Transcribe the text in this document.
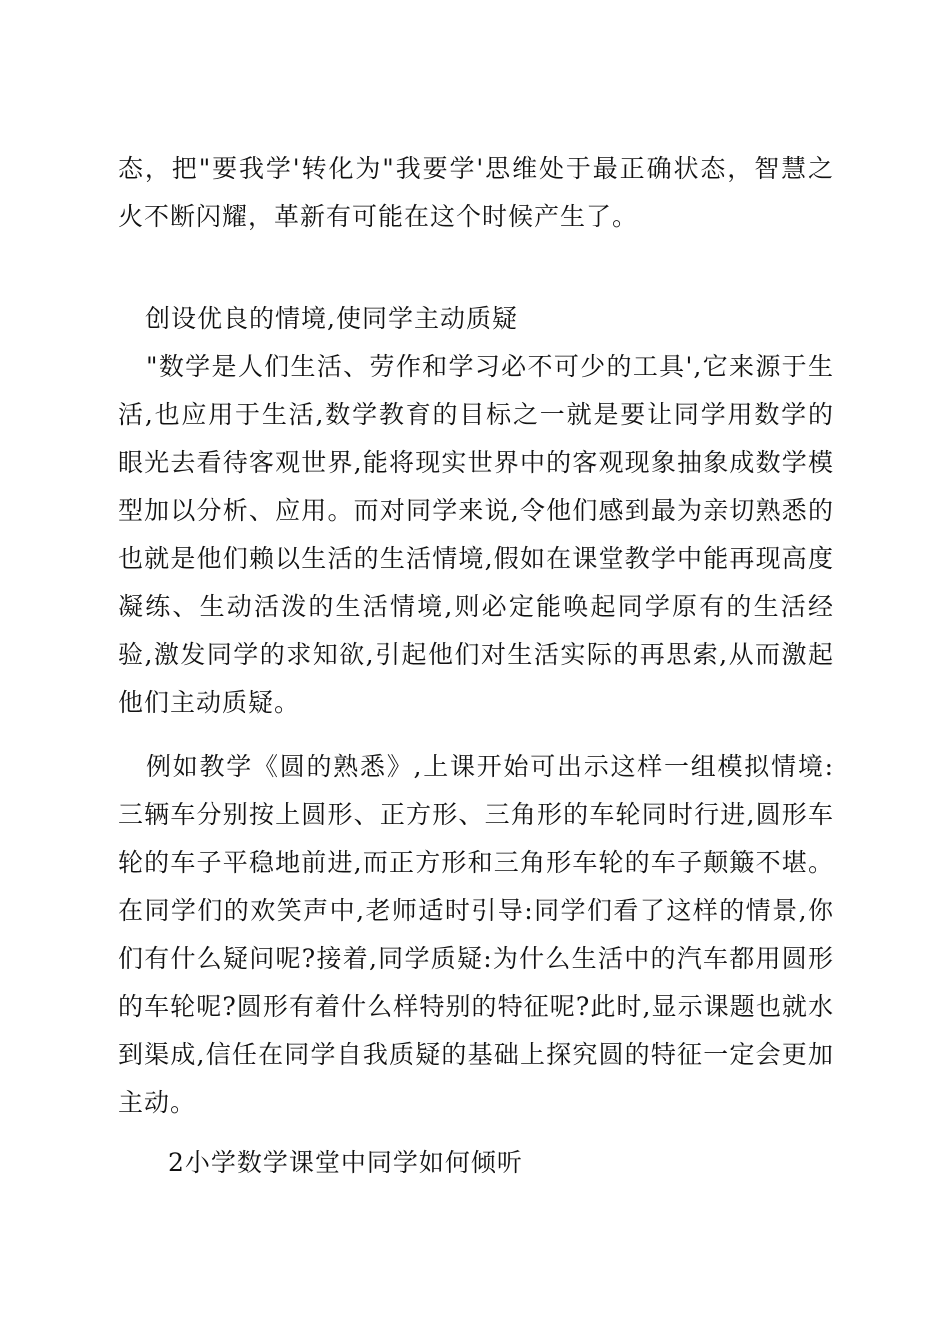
态，把"要我学'转化为"我要学'思维处于最正确状态，智慧之火不断闪耀，革新有可能在这个时候产生了。

创设优良的情境,使同学主动质疑

"数学是人们生活、劳作和学习必不可少的工具',它来源于生活,也应用于生活,数学教育的目标之一就是要让同学用数学的眼光去看待客观世界,能将现实世界中的客观现象抽象成数学模型加以分析、应用。而对同学来说,令他们感到最为亲切熟悉的也就是他们赖以生活的生活情境,假如在课堂教学中能再现高度凝练、生动活泼的生活情境,则必定能唤起同学原有的生活经验,激发同学的求知欲,引起他们对生活实际的再思索,从而激起他们主动质疑。

例如教学《圆的熟悉》,上课开始可出示这样一组模拟情境:三辆车分别按上圆形、正方形、三角形的车轮同时行进,圆形车轮的车子平稳地前进,而正方形和三角形车轮的车子颠簸不堪。在同学们的欢笑声中,老师适时引导:同学们看了这样的情景,你们有什么疑问呢?接着,同学质疑:为什么生活中的汽车都用圆形的车轮呢?圆形有着什么样特别的特征呢?此时,显示课题也就水到渠成,信任在同学自我质疑的基础上探究圆的特征一定会更加主动。

2小学数学课堂中同学如何倾听
